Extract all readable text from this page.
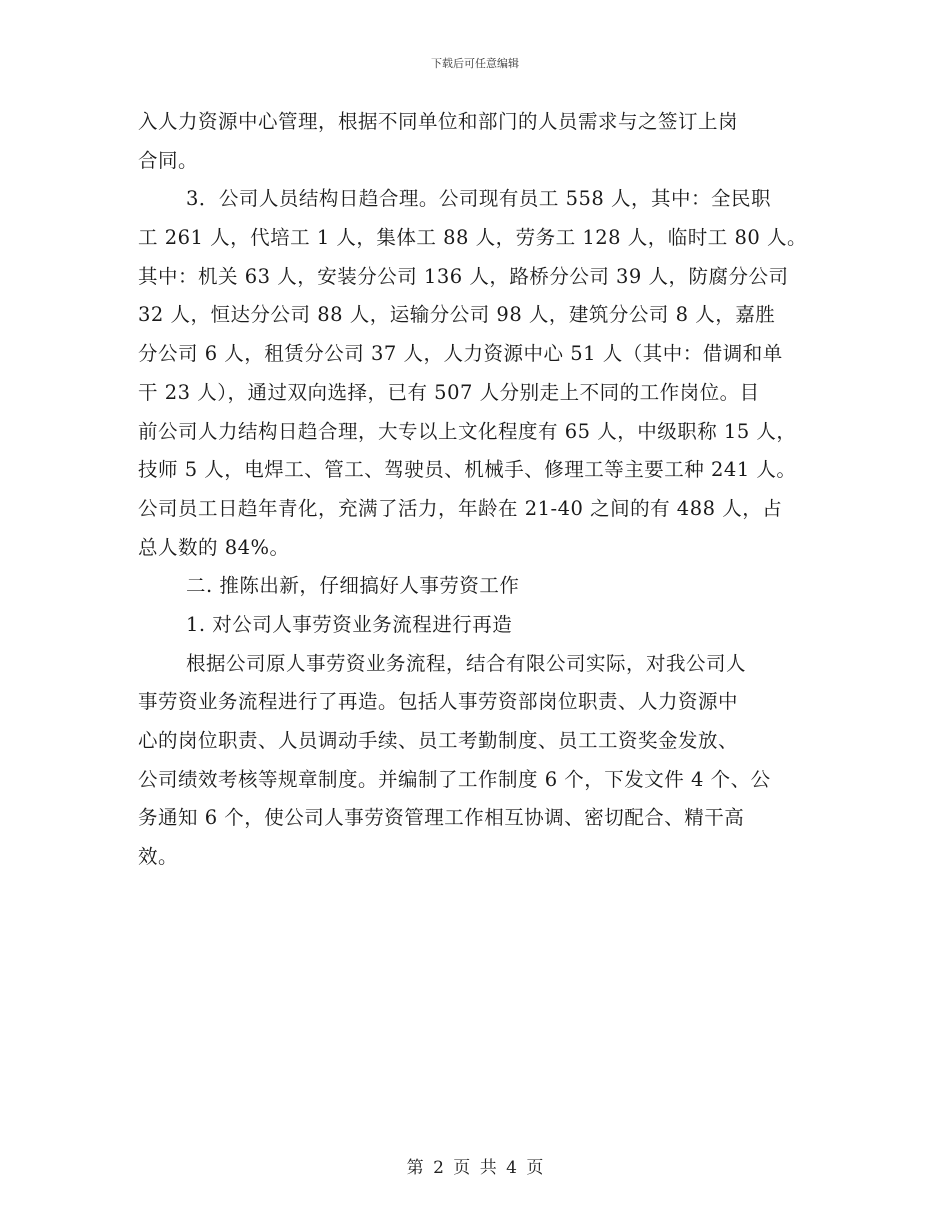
下载后可任意编辑
入人力资源中心管理，根据不同单位和部门的人员需求与之签订上岗
合同。
3．公司人员结构日趋合理。公司现有员工 558 人，其中：全民职
工 261 人，代培工 1 人，集体工 88 人，劳务工 128 人，临时工 80 人。
其中：机关 63 人，安装分公司 136 人，路桥分公司 39 人，防腐分公司
32 人，恒达分公司 88 人，运输分公司 98 人，建筑分公司 8 人，嘉胜
分公司 6 人，租赁分公司 37 人，人力资源中心 51 人（其中：借调和单
干 23 人），通过双向选择，已有 507 人分别走上不同的工作岗位。目
前公司人力结构日趋合理，大专以上文化程度有 65 人，中级职称 15 人，
技师 5 人，电焊工、管工、驾驶员、机械手、修理工等主要工种 241 人。
公司员工日趋年青化，充满了活力，年龄在 21-40 之间的有 488 人，占
总人数的 84%。
二. 推陈出新，仔细搞好人事劳资工作
1. 对公司人事劳资业务流程进行再造
根据公司原人事劳资业务流程，结合有限公司实际，对我公司人
事劳资业务流程进行了再造。包括人事劳资部岗位职责、人力资源中
心的岗位职责、人员调动手续、员工考勤制度、员工工资奖金发放、
公司绩效考核等规章制度。并编制了工作制度 6 个，下发文件 4 个、公
务通知 6 个，使公司人事劳资管理工作相互协调、密切配合、精干高
效。
第 2 页 共 4 页
